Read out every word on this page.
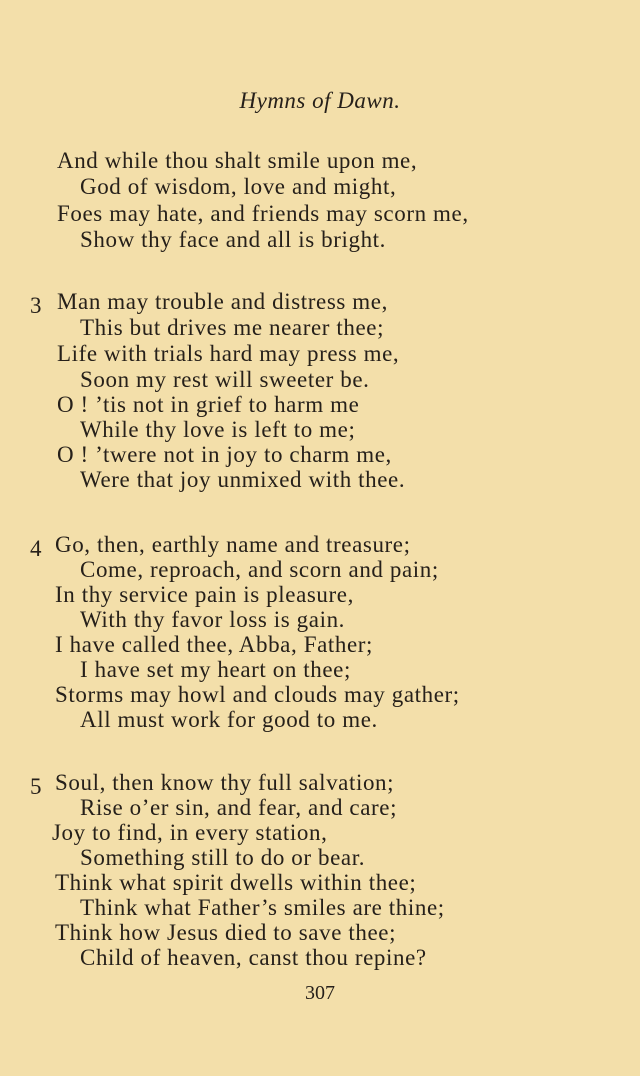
Hymns of Dawn.
And while thou shalt smile upon me,
God of wisdom, love and might,
Foes may hate, and friends may scorn me,
Show thy face and all is bright.
3 Man may trouble and distress me,
This but drives me nearer thee;
Life with trials hard may press me,
Soon my rest will sweeter be.
O ! ’tis not in grief to harm me
While thy love is left to me;
O ! ’twere not in joy to charm me,
Were that joy unmixed with thee.
4 Go, then, earthly name and treasure;
Come, reproach, and scorn and pain;
In thy service pain is pleasure,
With thy favor loss is gain.
I have called thee, Abba, Father;
I have set my heart on thee;
Storms may howl and clouds may gather;
All must work for good to me.
5 Soul, then know thy full salvation;
Rise o’er sin, and fear, and care;
Joy to find, in every station,
Something still to do or bear.
Think what spirit dwells within thee;
Think what Father’s smiles are thine;
Think how Jesus died to save thee;
Child of heaven, canst thou repine?
307
